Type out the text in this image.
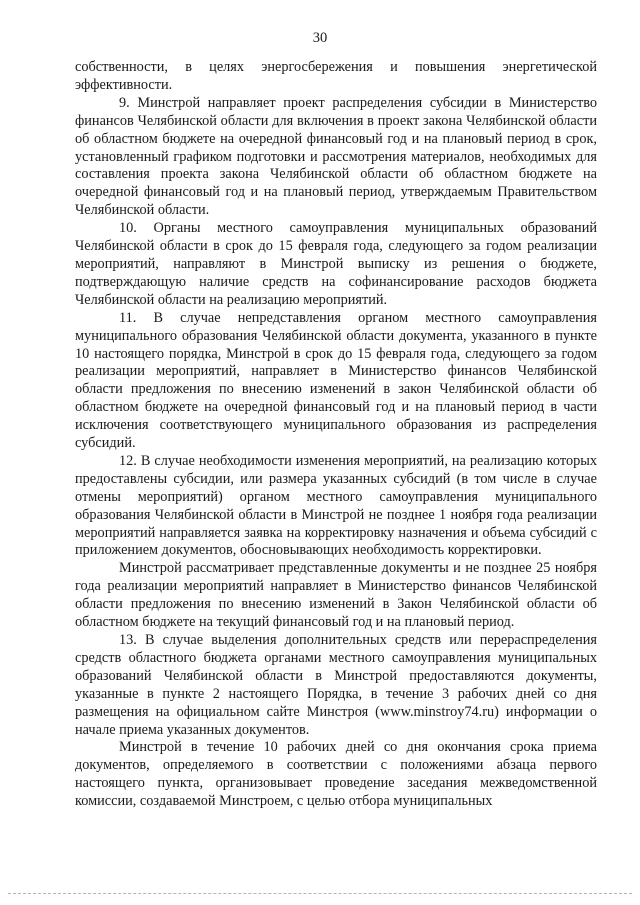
30

собственности, в целях энергосбережения и повышения энергетической эффективности.

9. Минстрой направляет проект распределения субсидии в Министерство финансов Челябинской области для включения в проект закона Челябинской области об областном бюджете на очередной финансовый год и на плановый период в срок, установленный графиком подготовки и рассмотрения материалов, необходимых для составления проекта закона Челябинской области об областном бюджете на очередной финансовый год и на плановый период, утверждаемым Правительством Челябинской области.

10. Органы местного самоуправления муниципальных образований Челябинской области в срок до 15 февраля года, следующего за годом реализации мероприятий, направляют в Минстрой выписку из решения о бюджете, подтверждающую наличие средств на софинансирование расходов бюджета Челябинской области на реализацию мероприятий.

11. В случае непредставления органом местного самоуправления муниципального образования Челябинской области документа, указанного в пункте 10 настоящего порядка, Минстрой в срок до 15 февраля года, следующего за годом реализации мероприятий, направляет в Министерство финансов Челябинской области предложения по внесению изменений в закон Челябинской области об областном бюджете на очередной финансовый год и на плановый период в части исключения соответствующего муниципального образования из распределения субсидий.

12. В случае необходимости изменения мероприятий, на реализацию которых предоставлены субсидии, или размера указанных субсидий (в том числе в случае отмены мероприятий) органом местного самоуправления муниципального образования Челябинской области в Минстрой не позднее 1 ноября года реализации мероприятий направляется заявка на корректировку назначения и объема субсидий с приложением документов, обосновывающих необходимость корректировки.

Минстрой рассматривает представленные документы и не позднее 25 ноября года реализации мероприятий направляет в Министерство финансов Челябинской области предложения по внесению изменений в Закон Челябинской области об областном бюджете на текущий финансовый год и на плановый период.

13. В случае выделения дополнительных средств или перераспределения средств областного бюджета органами местного самоуправления муниципальных образований Челябинской области в Минстрой предоставляются документы, указанные в пункте 2 настоящего Порядка, в течение 3 рабочих дней со дня размещения на официальном сайте Минстроя (www.minstroy74.ru) информации о начале приема указанных документов.

Минстрой в течение 10 рабочих дней со дня окончания срока приема документов, определяемого в соответствии с положениями абзаца первого настоящего пункта, организовывает проведение заседания межведомственной комиссии, создаваемой Минстроем, с целью отбора муниципальных
